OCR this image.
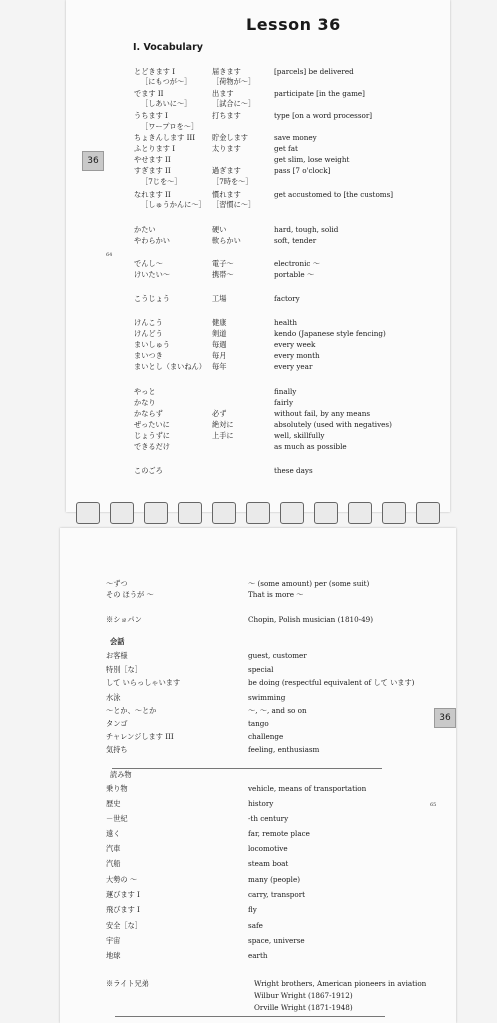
Lesson 36
I. Vocabulary
64
とどきます I	届きます	[parcels] be delivered
［にもつが～］	［荷物が～］
でます II	出ます	participate [in the game]
［しあいに～］	［試合に～］
うちます I	打ちます	type [on a word processor]
［ワープロを～］
ちょきんします III 貯金します	save money
ふとります I	太ります	get fat
やせます II	get slim, lose weight
すぎます II	過ぎます	pass [7 o'clock]
［7じを～］	［7時を～］
なれます II	慣れます	get accustomed to [the customs]
［しゅうかんに～］ ［習慣に～］
かたい	硬い	hard, tough, solid
やわらかい	軟らかい	soft, tender
でんし～	電子～	electronic ～
けいたい～	携帯～	portable ～
こうじょう	工場	factory
けんこう	健康	health
けんどう	剣道	kendo (Japanese style fencing)
まいしゅう	毎週	every week
まいつき	毎月	every month
まいとし（まいねん） 毎年	every year
やっと	finally
かなり	fairly
かならず	必ず	without fail, by any means
ぜったいに	絶対に	absolutely (used with negatives)
じょうずに	上手に	well, skillfully
できるだけ	as much as possible
このごろ	these days
36
65
～ずつ	～ (some amount) per (some suit)
その ほうが ～	That is more ～
※ショパン	Chopin, Polish musician (1810-49)
会話
お客様	guest, customer
特別［な］	special
して いらっしゃいます	be doing (respectful equivalent of して います)
水泳	swimming
～とか、～とか	～, ～, and so on
タンゴ	tango
チャレンジします III	challenge
気持ち	feeling, enthusiasm
読み物
乗り物	vehicle, means of transportation
歴史	history
－世紀	-th century
遠く	far, remote place
汽車	locomotive
汽船	steam boat
大勢の ～	many (people)
運びます I	carry, transport
飛びます I	fly
安全［な］	safe
宇宙	space, universe
地球	earth
※ライト兄弟	Wright brothers, American pioneers in aviation
Wilbur Wright (1867-1912)
Orville Wright (1871-1948)
36
